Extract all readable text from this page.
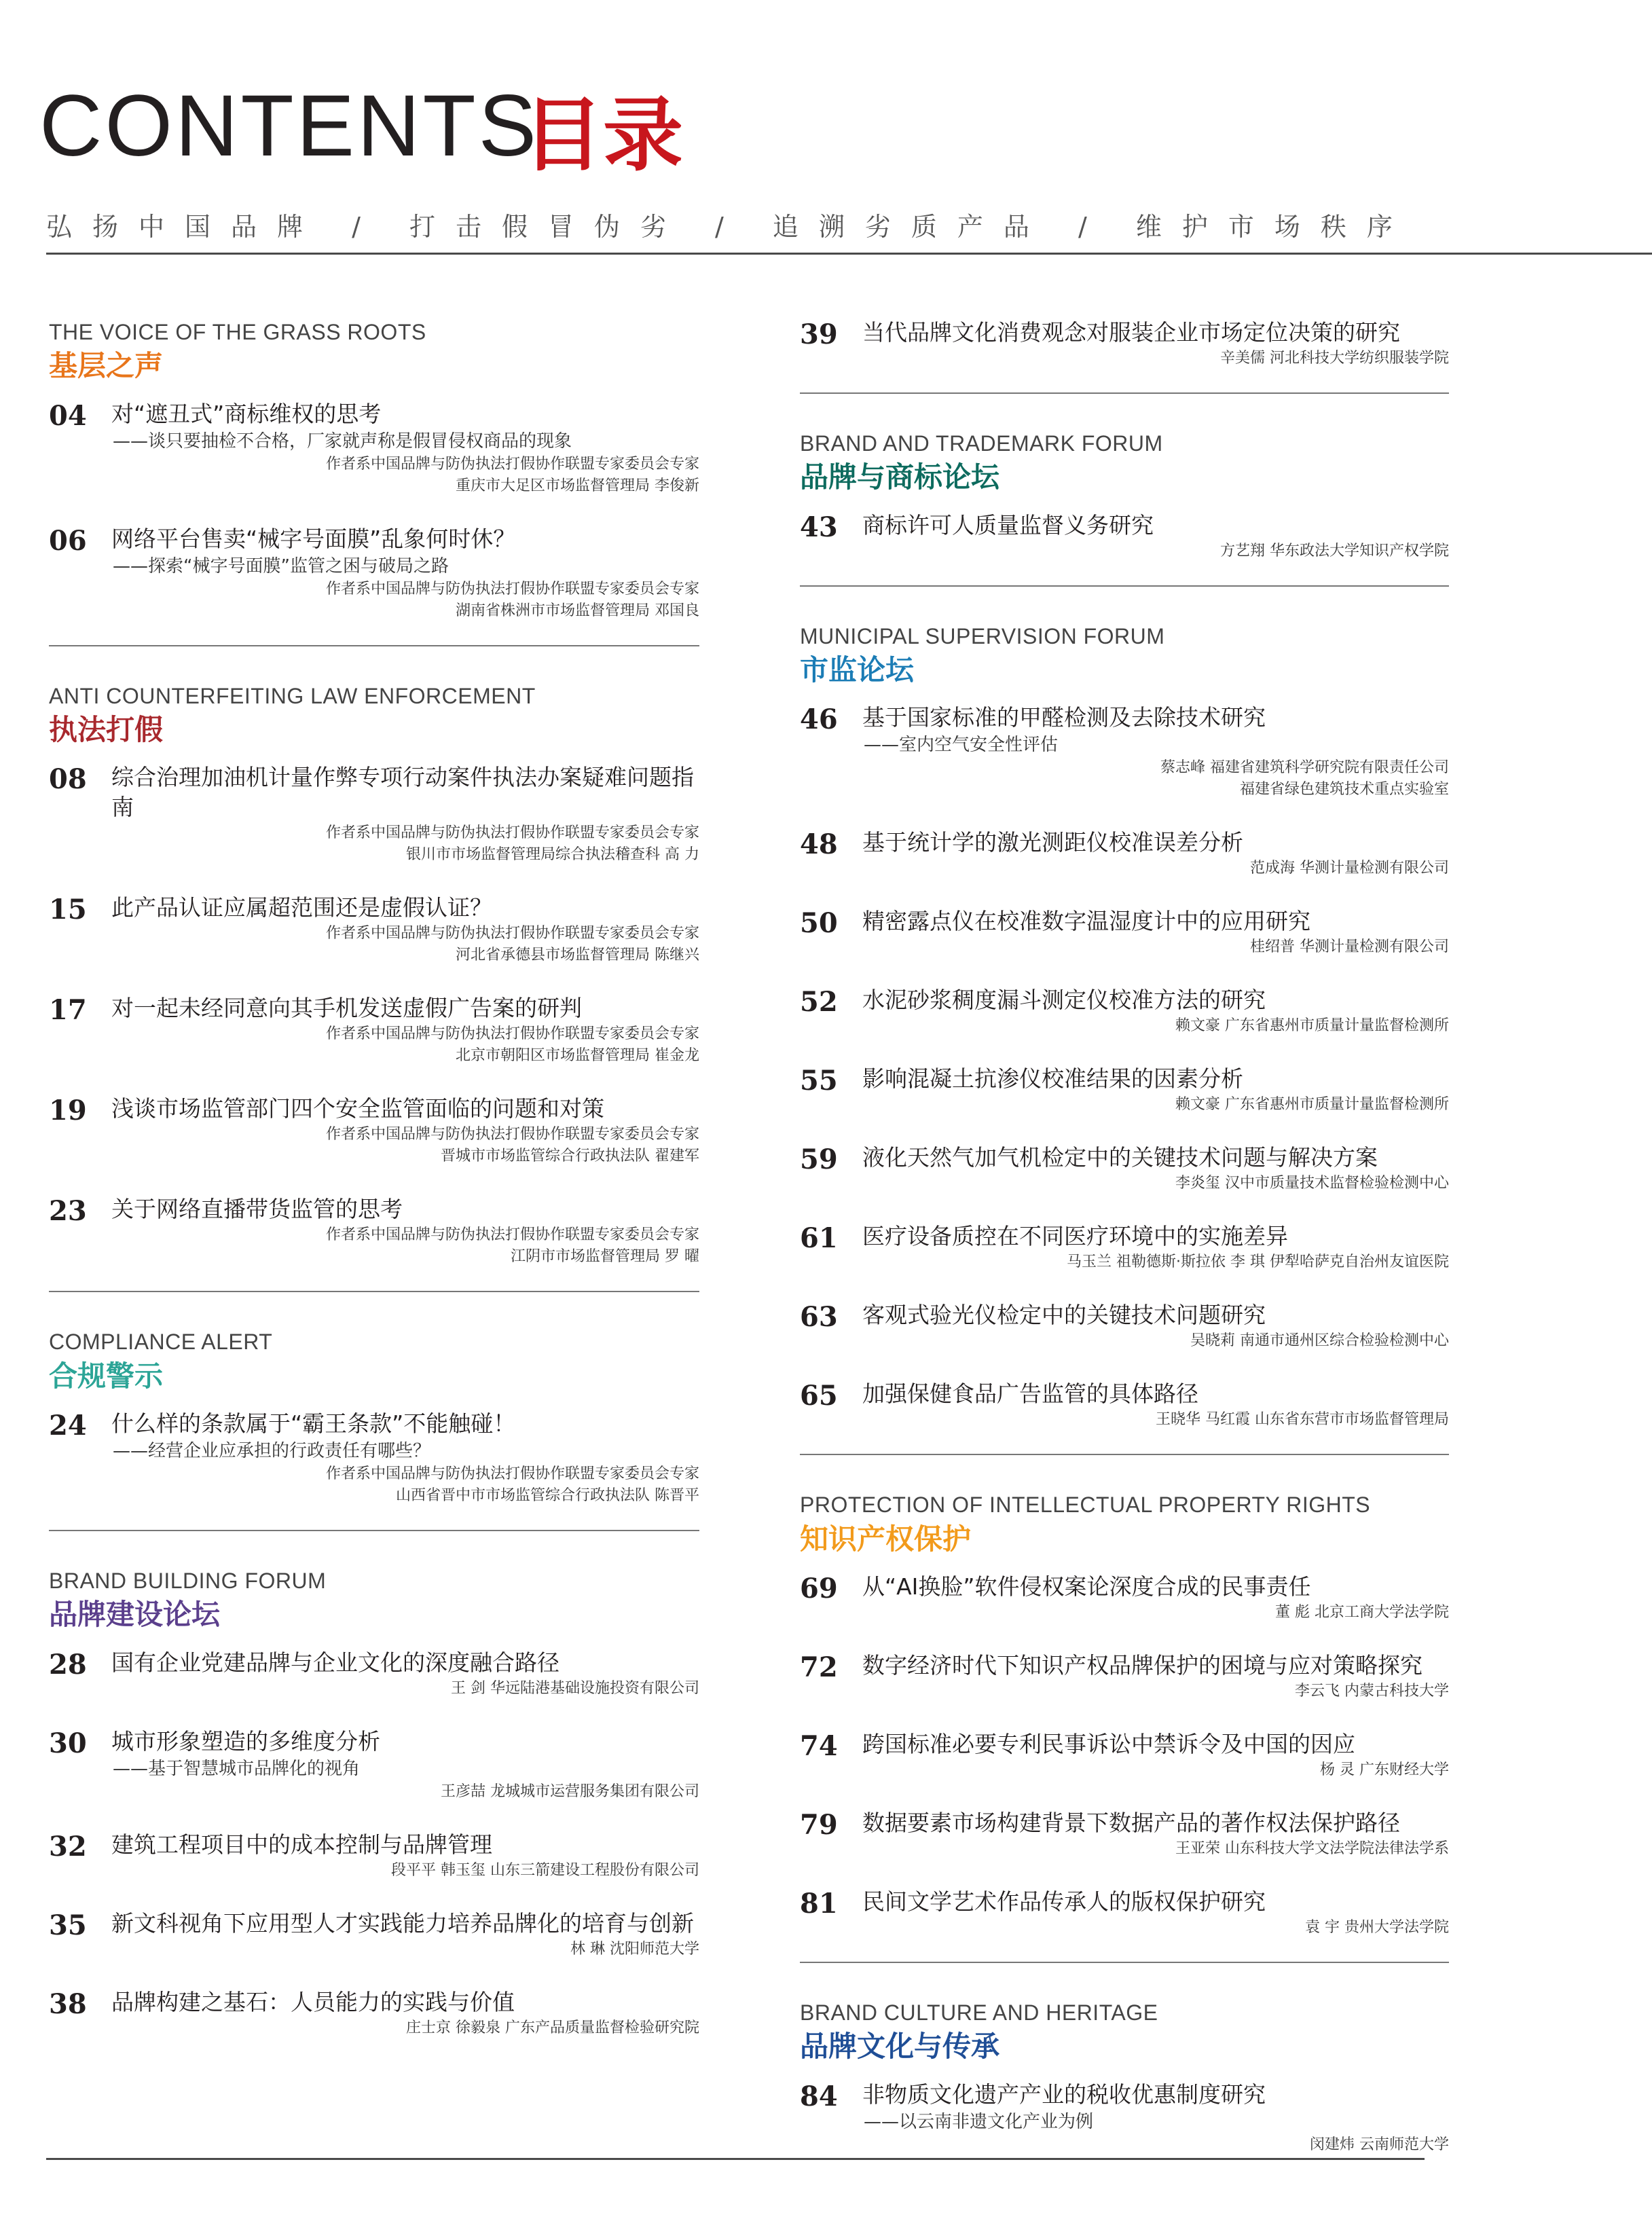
CONTENTS
目录
弘扬中国品牌 / 打击假冒伪劣 / 追溯劣质产品 / 维护市场秩序
THE VOICE OF THE GRASS ROOTS
基层之声
04	对“遮丑式”商标维权的思考
——谈只要抽检不合格，厂家就声称是假冒侵权商品的现象
作者系中国品牌与防伪执法打假协作联盟专家委员会专家
重庆市大足区市场监督管理局 李俊新
06	网络平台售卖“械字号面膜”乱象何时休？
——探索“械字号面膜”监管之困与破局之路
作者系中国品牌与防伪执法打假协作联盟专家委员会专家
湖南省株洲市市场监督管理局 邓国良
ANTI COUNTERFEITING LAW ENFORCEMENT
执法打假
08	综合治理加油机计量作弊专项行动案件执法办案疑难问题指南
作者系中国品牌与防伪执法打假协作联盟专家委员会专家
银川市市场监督管理局综合执法稽查科 高 力
15	此产品认证应属超范围还是虚假认证？
作者系中国品牌与防伪执法打假协作联盟专家委员会专家
河北省承德县市场监督管理局 陈继兴
17	对一起未经同意向其手机发送虚假广告案的研判
作者系中国品牌与防伪执法打假协作联盟专家委员会专家
北京市朝阳区市场监督管理局 崔金龙
19	浅谈市场监管部门四个安全监管面临的问题和对策
作者系中国品牌与防伪执法打假协作联盟专家委员会专家
晋城市市场监管综合行政执法队 翟建军
23	关于网络直播带货监管的思考
作者系中国品牌与防伪执法打假协作联盟专家委员会专家
江阴市市场监督管理局 罗 曜
COMPLIANCE ALERT
合规警示
24	什么样的条款属于“霸王条款”不能触碰！
——经营企业应承担的行政责任有哪些？
作者系中国品牌与防伪执法打假协作联盟专家委员会专家
山西省晋中市市场监管综合行政执法队 陈晋平
BRAND BUILDING FORUM
品牌建设论坛
28	国有企业党建品牌与企业文化的深度融合路径
王 剑 华远陆港基础设施投资有限公司
30	城市形象塑造的多维度分析
——基于智慧城市品牌化的视角
王彦喆 龙城城市运营服务集团有限公司
32	建筑工程项目中的成本控制与品牌管理
段平平 韩玉玺 山东三箭建设工程股份有限公司
35	新文科视角下应用型人才实践能力培养品牌化的培育与创新
林 琳 沈阳师范大学
38	品牌构建之基石：人员能力的实践与价值
庄士京 徐毅泉 广东产品质量监督检验研究院
39	当代品牌文化消费观念对服装企业市场定位决策的研究
辛美儒 河北科技大学纺织服装学院
BRAND AND TRADEMARK FORUM
品牌与商标论坛
43	商标许可人质量监督义务研究
方艺翔 华东政法大学知识产权学院
MUNICIPAL SUPERVISION FORUM
市监论坛
46	基于国家标准的甲醛检测及去除技术研究
——室内空气安全性评估
蔡志峰 福建省建筑科学研究院有限责任公司
福建省绿色建筑技术重点实验室
48	基于统计学的激光测距仪校准误差分析
范成海 华测计量检测有限公司
50	精密露点仪在校准数字温湿度计中的应用研究
桂绍普 华测计量检测有限公司
52	水泥砂浆稠度漏斗测定仪校准方法的研究
赖文豪 广东省惠州市质量计量监督检测所
55	影响混凝土抗渗仪校准结果的因素分析
赖文豪 广东省惠州市质量计量监督检测所
59	液化天然气加气机检定中的关键技术问题与解决方案
李炎玺 汉中市质量技术监督检验检测中心
61	医疗设备质控在不同医疗环境中的实施差异
马玉兰 祖勒德斯·斯拉依 李 琪 伊犁哈萨克自治州友谊医院
63	客观式验光仪检定中的关键技术问题研究
吴晓莉 南通市通州区综合检验检测中心
65	加强保健食品广告监管的具体路径
王晓华 马红霞 山东省东营市市场监督管理局
PROTECTION OF INTELLECTUAL PROPERTY RIGHTS
知识产权保护
69	从“AI换脸”软件侵权案论深度合成的民事责任
董 彪 北京工商大学法学院
72	数字经济时代下知识产权品牌保护的困境与应对策略探究
李云飞 内蒙古科技大学
74	跨国标准必要专利民事诉讼中禁诉令及中国的因应
杨 灵 广东财经大学
79	数据要素市场构建背景下数据产品的著作权法保护路径
王亚荣 山东科技大学文法学院法律法学系
81	民间文学艺术作品传承人的版权保护研究
袁 宇 贵州大学法学院
BRAND CULTURE AND HERITAGE
品牌文化与传承
84	非物质文化遗产产业的税收优惠制度研究
——以云南非遗文化产业为例
闵建炜 云南师范大学
